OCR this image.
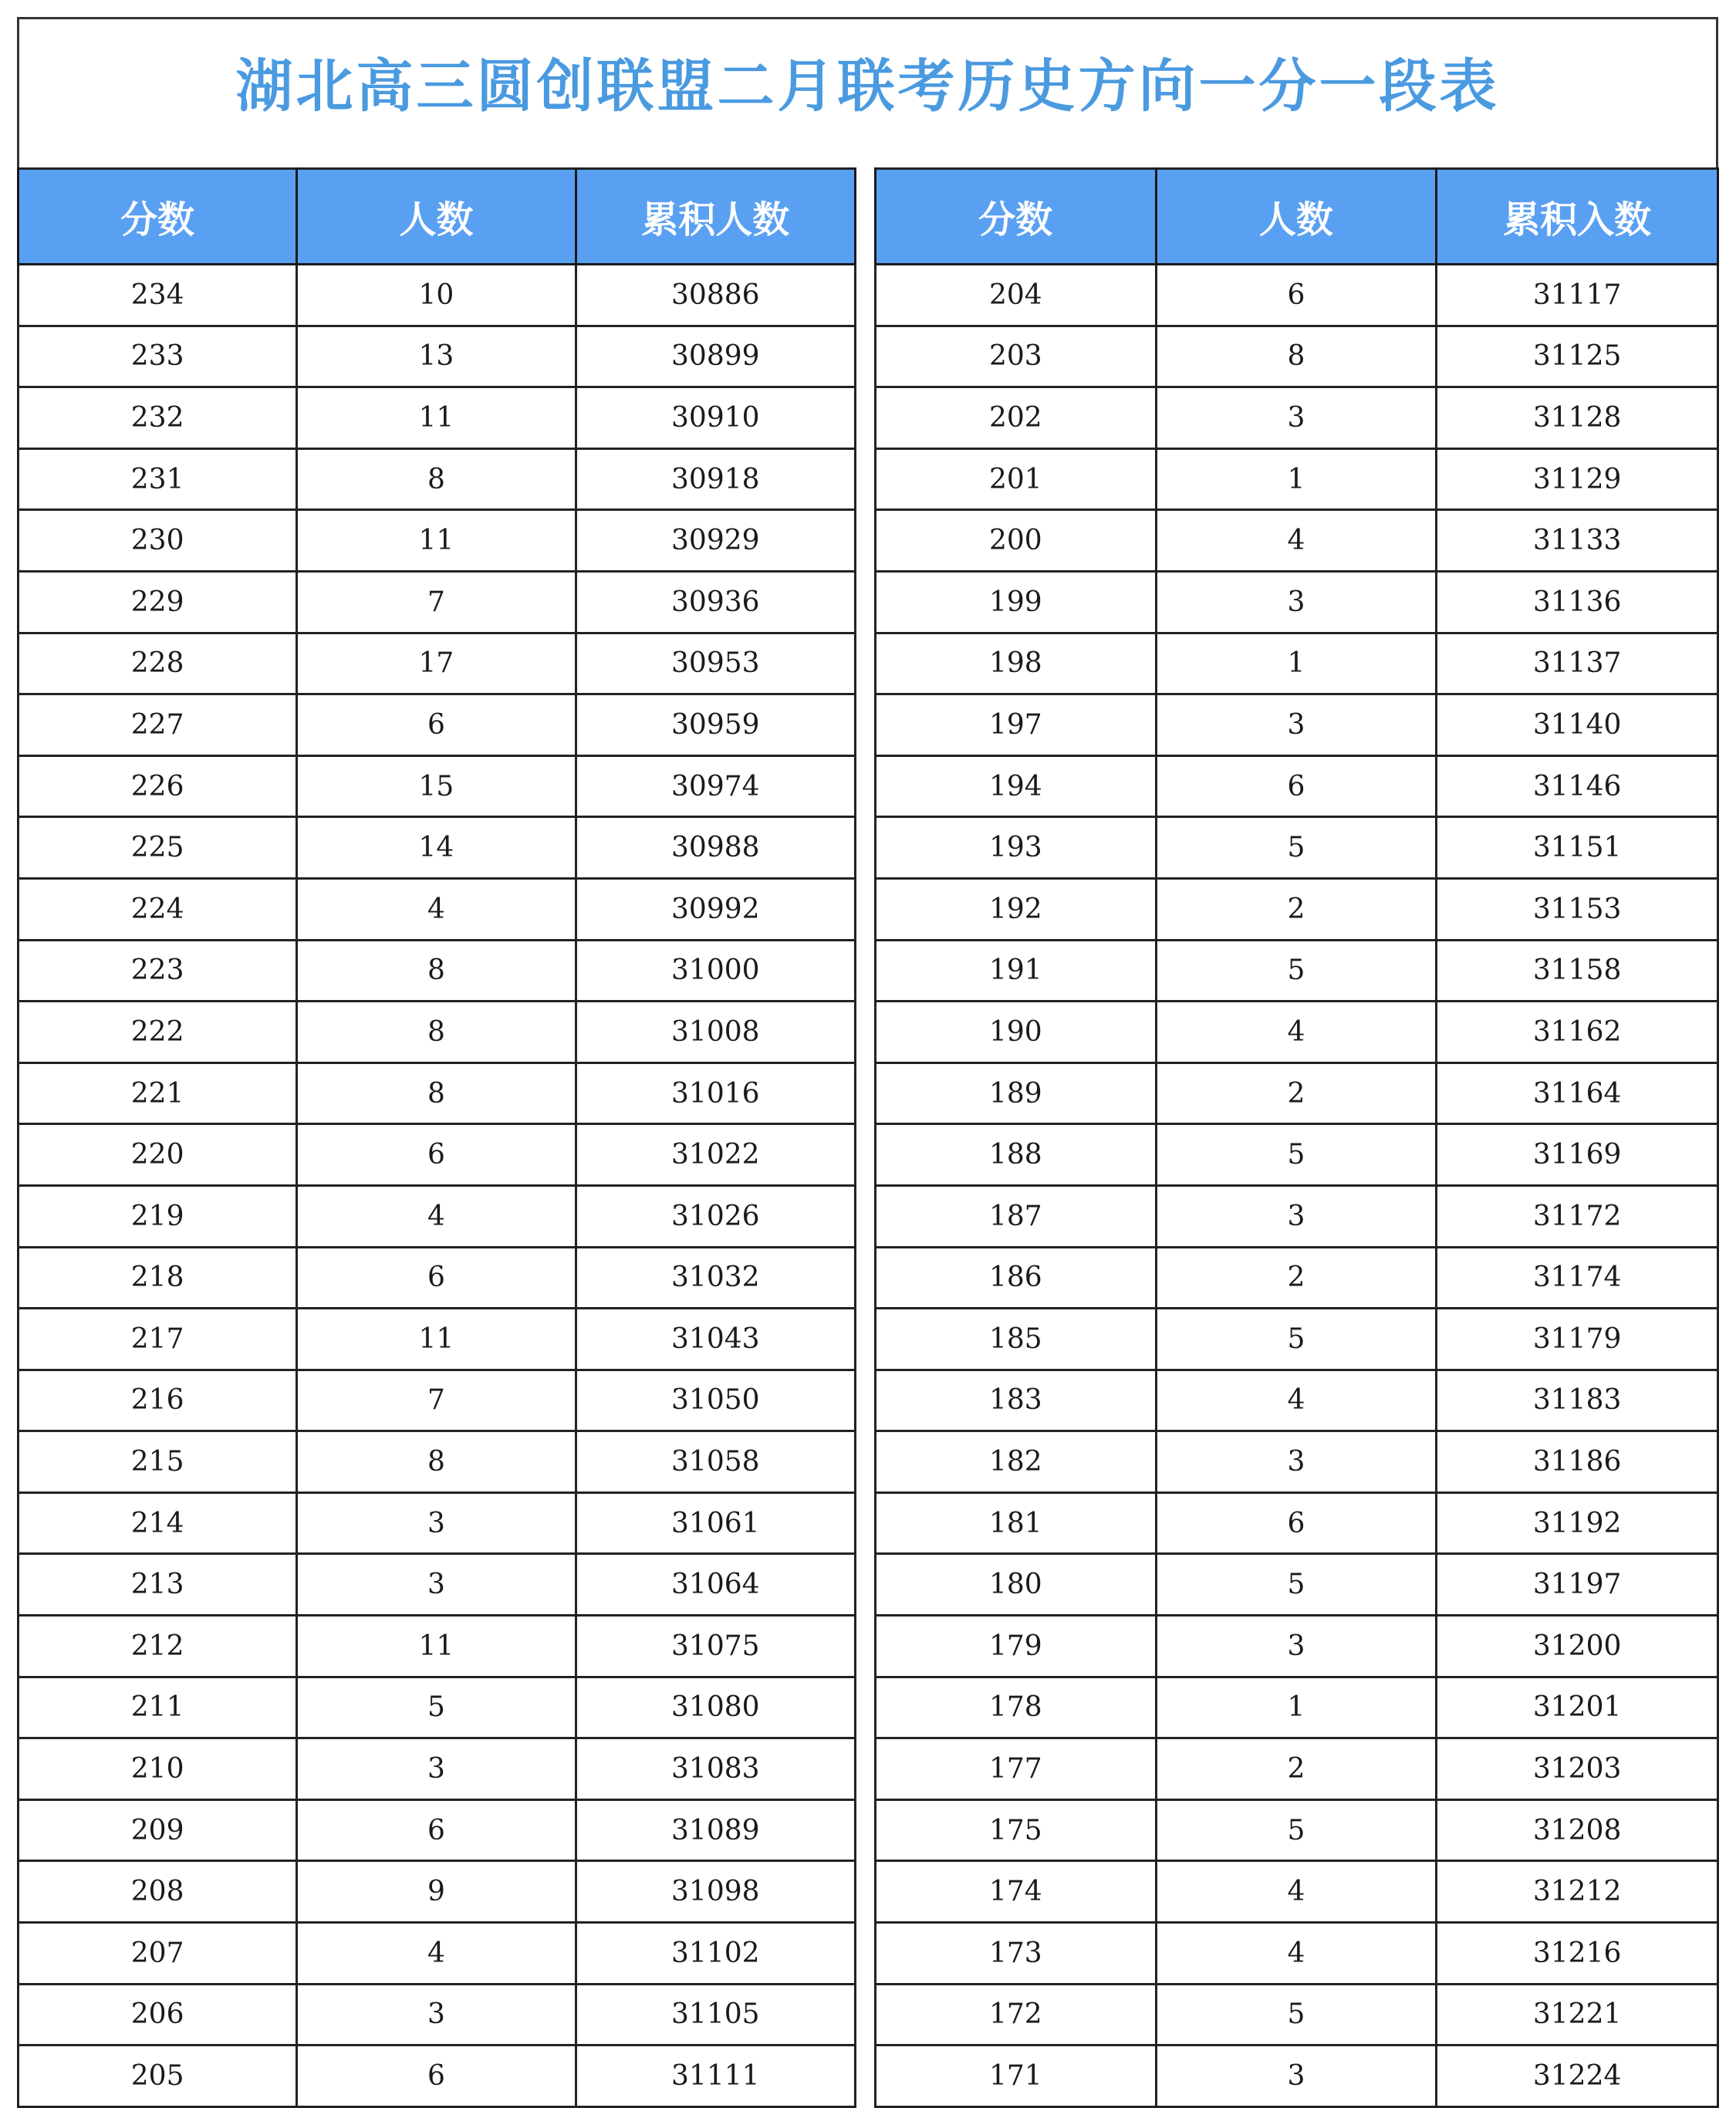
湖北高三圆创联盟二月联考历史方向一分一段表
分数	人数	累积人数
234	10	30886
233	13	30899
232	11	30910
231	8	30918
230	11	30929
229	7	30936
228	17	30953
227	6	30959
226	15	30974
225	14	30988
224	4	30992
223	8	31000
222	8	31008
221	8	31016
220	6	31022
219	4	31026
218	6	31032
217	11	31043
216	7	31050
215	8	31058
214	3	31061
213	3	31064
212	11	31075
211	5	31080
210	3	31083
209	6	31089
208	9	31098
207	4	31102
206	3	31105
205	6	31111
分数	人数	累积入数
204	6	31117
203	8	31125
202	3	31128
201	1	31129
200	4	31133
199	3	31136
198	1	31137
197	3	31140
194	6	31146
193	5	31151
192	2	31153
191	5	31158
190	4	31162
189	2	31164
188	5	31169
187	3	31172
186	2	31174
185	5	31179
183	4	31183
182	3	31186
181	6	31192
180	5	31197
179	3	31200
178	1	31201
177	2	31203
175	5	31208
174	4	31212
173	4	31216
172	5	31221
171	3	31224
